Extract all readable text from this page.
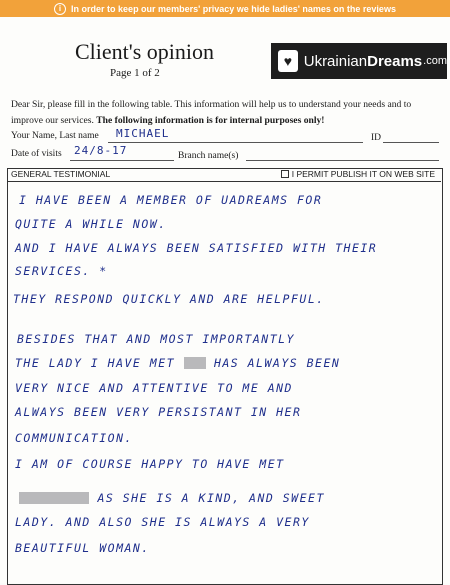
i	In order to keep our members' privacy we hide ladies' names on the reviews

Client's opinion
Page 1 of 2
♥ Ukrainian Dreams .com
Dear Sir, please fill in the following table. This information will help us to understand your needs and to
improve our services. The following information is for internal purposes only!
Your Name, Last name MICHAEL	ID
Date of visits 24/8-17	Branch name(s)
GENERAL TESTIMONIAL	I PERMIT PUBLISH IT ON WEB SITE
I HAVE BEEN A MEMBER OF UADREAMS FOR
QUITE A WHILE NOW.
AND I HAVE ALWAYS BEEN SATISFIED WITH THEIR
SERVICES. *
THEY RESPOND QUICKLY AND ARE HELPFUL.
BESIDES THAT AND MOST IMPORTANTLY
THE LADY I HAVE MET	HAS ALWAYS BEEN
VERY NICE AND ATTENTIVE TO ME AND
ALWAYS BEEN VERY PERSISTANT IN HER
COMMUNICATION.
I AM OF COURSE HAPPY TO HAVE MET
AS SHE IS A KIND, AND SWEET
LADY. AND ALSO SHE IS ALWAYS A VERY
BEAUTIFUL WOMAN.
